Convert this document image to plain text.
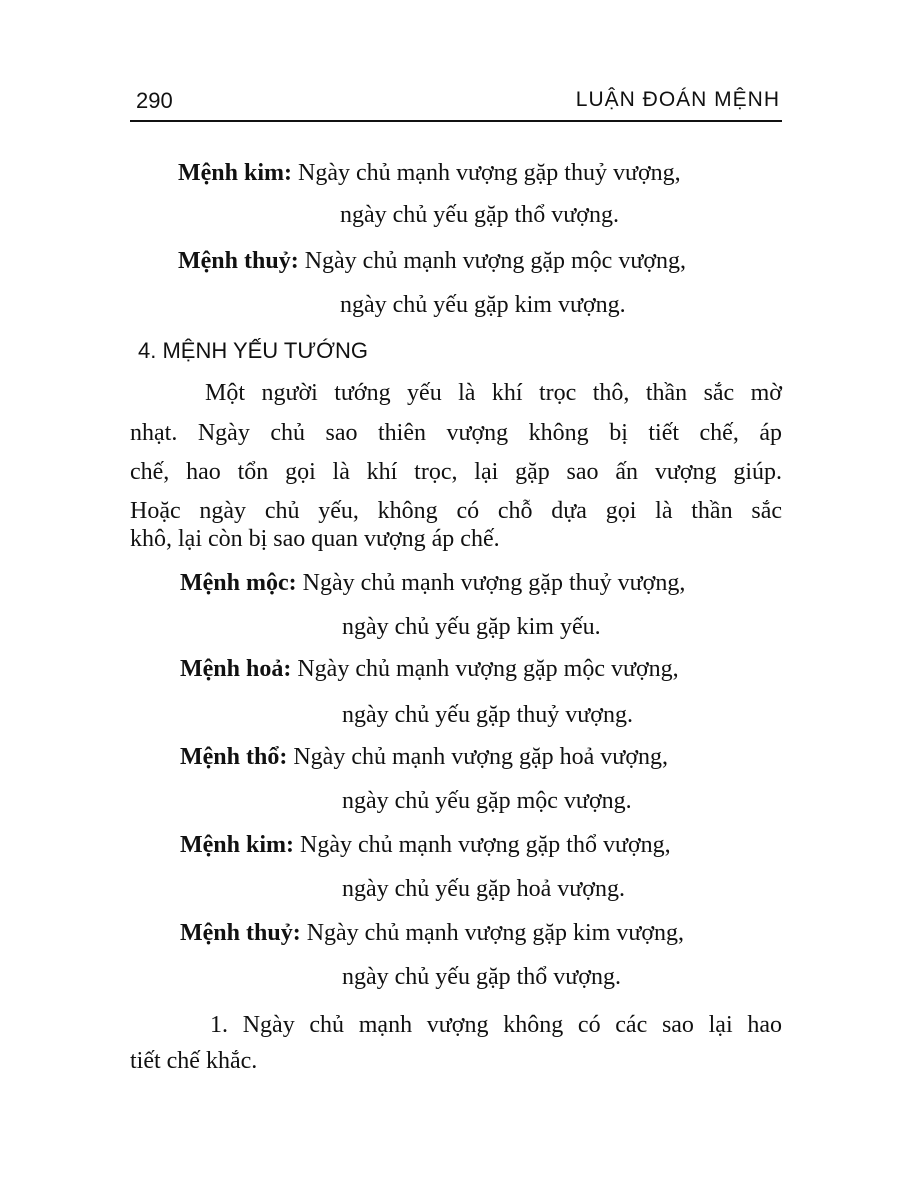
290	LUẬN ĐOÁN MỆNH
Mệnh kim: Ngày chủ mạnh vượng gặp thuỷ vượng,
ngày chủ yếu gặp thổ vượng.
Mệnh thuỷ: Ngày chủ mạnh vượng gặp mộc vượng,
ngày chủ yếu gặp kim vượng.
4. MỆNH YẾU TƯỚNG
Một người tướng yếu là khí trọc thô, thần sắc mờ
nhạt. Ngày chủ sao thiên vượng không bị tiết chế, áp
chế, hao tổn gọi là khí trọc, lại gặp sao ấn vượng giúp.
Hoặc ngày chủ yếu, không có chỗ dựa gọi là thần sắc
khô, lại còn bị sao quan vượng áp chế.
Mệnh mộc: Ngày chủ mạnh vượng gặp thuỷ vượng,
ngày chủ yếu gặp kim yếu.
Mệnh hoả: Ngày chủ mạnh vượng gặp mộc vượng,
ngày chủ yếu gặp thuỷ vượng.
Mệnh thổ: Ngày chủ mạnh vượng gặp hoả vượng,
ngày chủ yếu gặp mộc vượng.
Mệnh kim: Ngày chủ mạnh vượng gặp thổ vượng,
ngày chủ yếu gặp hoả vượng.
Mệnh thuỷ: Ngày chủ mạnh vượng gặp kim vượng,
ngày chủ yếu gặp thổ vượng.
1. Ngày chủ mạnh vượng không có các sao lại hao
tiết chế khắc.
